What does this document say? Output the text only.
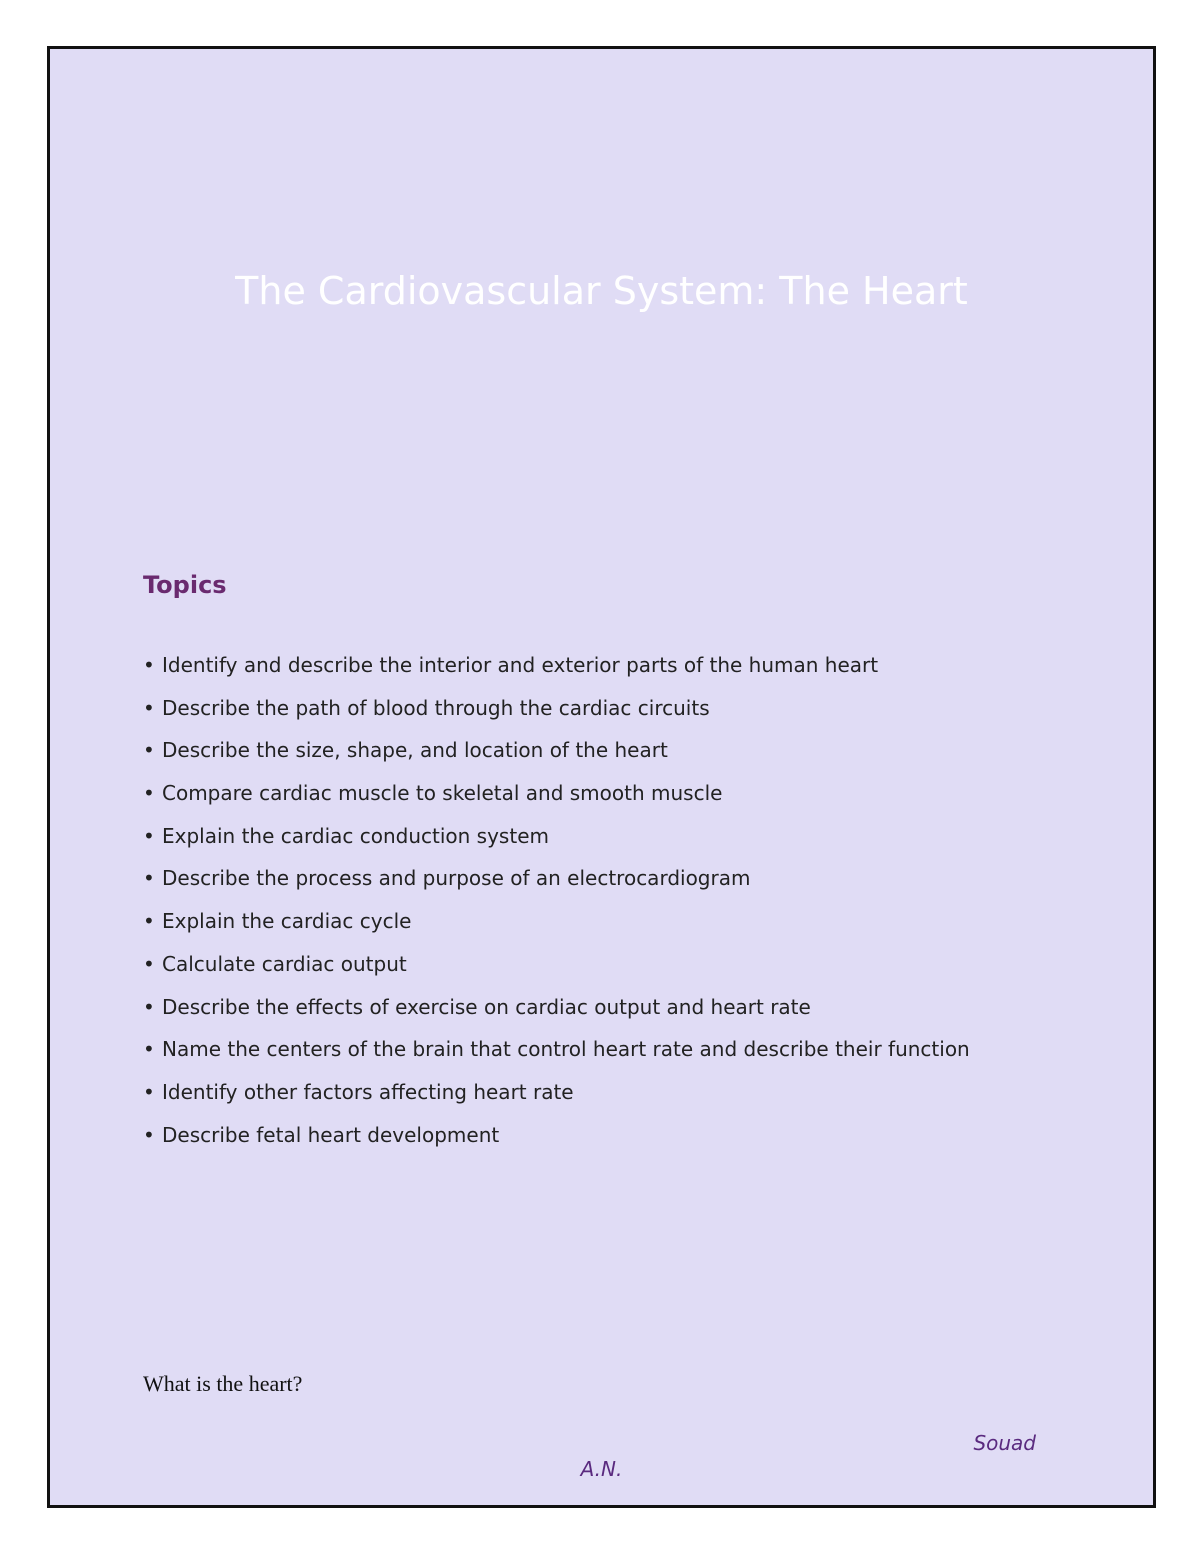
The Cardiovascular System: The Heart
Topics
• Identify and describe the interior and exterior parts of the human heart
• Describe the path of blood through the cardiac circuits
• Describe the size, shape, and location of the heart
• Compare cardiac muscle to skeletal and smooth muscle
• Explain the cardiac conduction system
• Describe the process and purpose of an electrocardiogram
• Explain the cardiac cycle
• Calculate cardiac output
• Describe the effects of exercise on cardiac output and heart rate
• Name the centers of the brain that control heart rate and describe their function
• Identify other factors affecting heart rate
• Describe fetal heart development

What is the heart?

Souad
A.N.
